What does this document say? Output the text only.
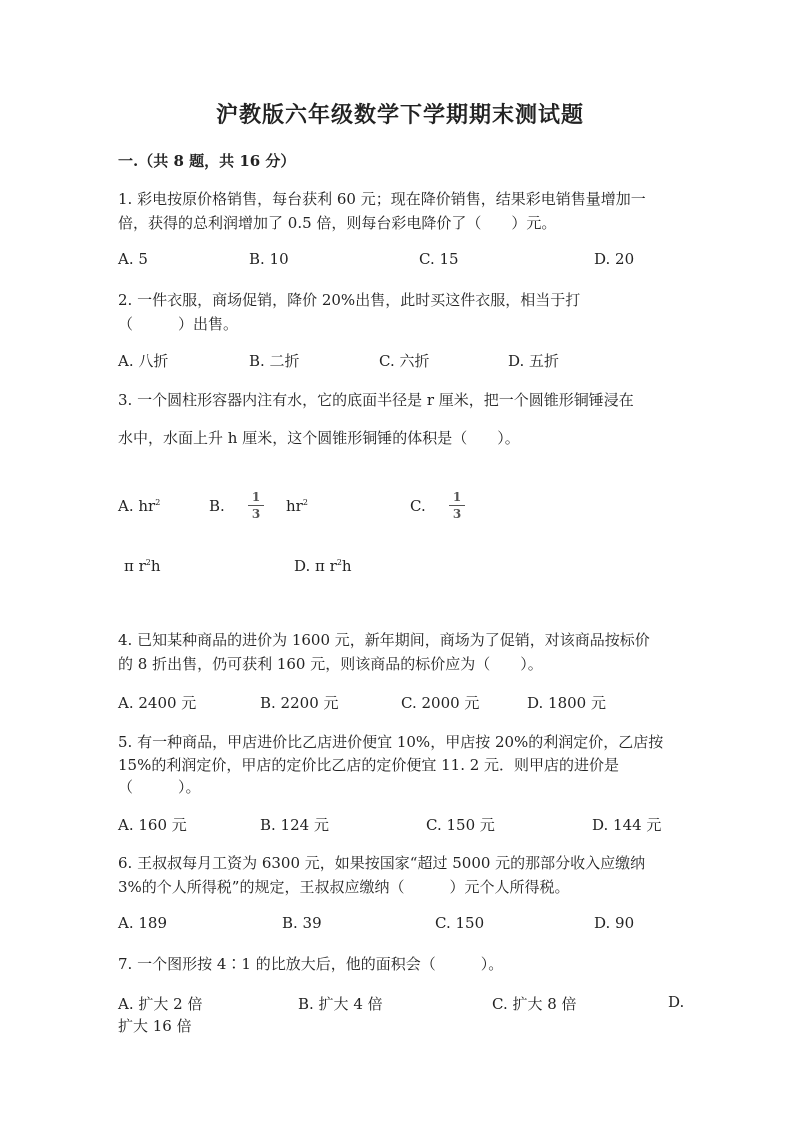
沪教版六年级数学下学期期末测试题
一.（共 8 题，共 16 分）
1. 彩电按原价格销售，每台获利 60 元；现在降价销售，结果彩电销售量增加一
倍，获得的总利润增加了 0.5 倍，则每台彩电降价了（　　）元。
A. 5	B. 10	C. 15	D. 20
2. 一件衣服，商场促销，降价 20%出售，此时买这件衣服，相当于打
（　　　）出售。
A. 八折	B. 二折	C. 六折	D. 五折
3. 一个圆柱形容器内注有水，它的底面半径是 r 厘米，把一个圆锥形铜锤浸在
水中，水面上升 h 厘米，这个圆锥形铜锤的体积是（　　）。
A. $hr^2$	B.	1
3 $hr^2$	C.	1
3
π $r^2h$	D. π $r^2h$
4. 已知某种商品的进价为 1600 元，新年期间，商场为了促销，对该商品按标价
的 8 折出售，仍可获利 160 元，则该商品的标价应为（　　）。
A. 2400 元	B. 2200 元	C. 2000 元	D. 1800 元
5. 有一种商品，甲店进价比乙店进价便宜 10%，甲店按 20%的利润定价，乙店按
15%的利润定价，甲店的定价比乙店的定价便宜 11. 2 元．则甲店的进价是
（　　　）。
A. 160 元	B. 124 元	C. 150 元	D. 144 元
6. 王叔叔每月工资为 6300 元，如果按国家“超过 5000 元的那部分收入应缴纳
3%的个人所得税”的规定，王叔叔应缴纳（　　　）元个人所得税。
A. 189	B. 39	C. 150	D. 90
7. 一个图形按 4∶1 的比放大后，他的面积会（　　　）。
A. 扩大 2 倍	B. 扩大 4 倍	C. 扩大 8 倍	D.
扩大 16 倍
